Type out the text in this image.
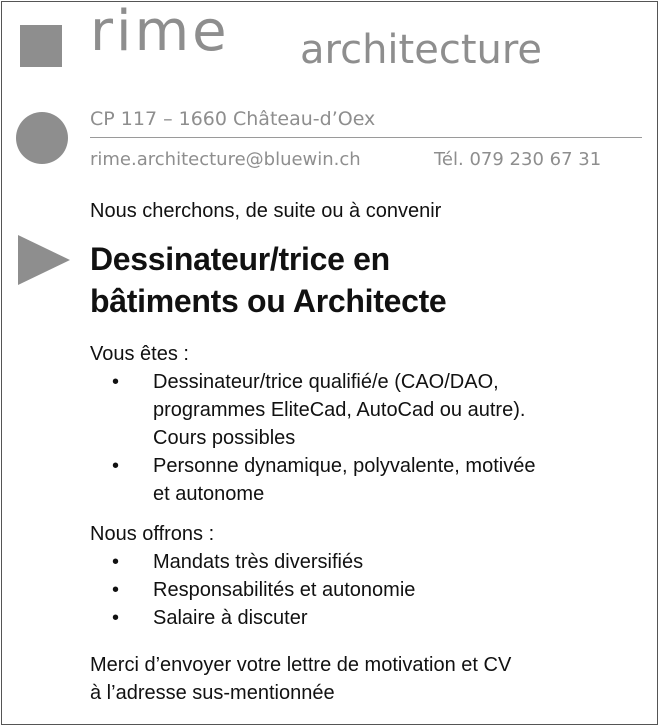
rime architecture
CP 117 – 1660 Château-d’Oex
rime.architecture@bluewin.ch	Tél. 079 230 67 31
Nous cherchons, de suite ou à convenir
Dessinateur/trice en
bâtiments ou Architecte
Vous êtes :
• Dessinateur/trice qualifié/e (CAO/DAO,
programmes EliteCad, AutoCad ou autre).
Cours possibles
• Personne dynamique, polyvalente, motivée
et autonome
Nous offrons :
• Mandats très diversifiés
• Responsabilités et autonomie
• Salaire à discuter
Merci d’envoyer votre lettre de motivation et CV
à l’adresse sus-mentionnée
